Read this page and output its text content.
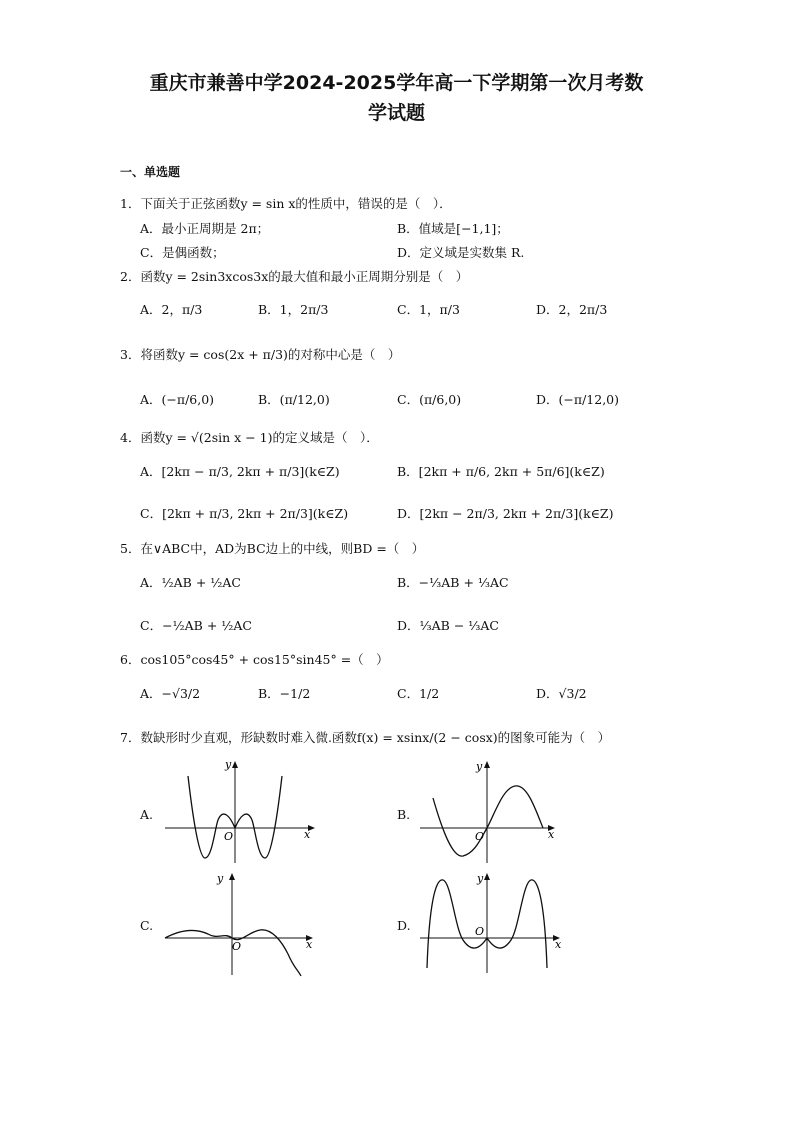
重庆市兼善中学2024-2025学年高一下学期第一次月考数
学试题
一、单选题
1．下面关于正弦函数y = sin x的性质中，错误的是（　）．
A．最小正周期是 2π；	B．值域是[−1,1]；
C．是偶函数；	D．定义域是实数集 R.
2．函数y = 2sin3xcos3x的最大值和最小正周期分别是（　）
A．2，π/3	B．1，2π/3	C．1，π/3	D．2，2π/3
3．将函数y = cos(2x + π/3)的对称中心是（　）
A．(−π/6,0)	B．(π/12,0)	C．(π/6,0)	D．(−π/12,0)
4．函数y = √(2sin x − 1)的定义域是（　）．
A．[2kπ − π/3, 2kπ + π/3](k∈Z)	B．[2kπ + π/6, 2kπ + 5π/6](k∈Z)
C．[2kπ + π/3, 2kπ + 2π/3](k∈Z)	D．[2kπ − 2π/3, 2kπ + 2π/3](k∈Z)
5．在∨ABC中，AD为BC边上的中线，则BD =（　）
A．½AB + ½AC	B．−⅓AB + ⅓AC
C．−½AB + ½AC	D．⅓AB − ⅓AC
6．cos105°cos45° + cos15°sin45° =（　）
A．−√3/2	B．−1/2	C．1/2	D．√3/2
7．数缺形时少直观，形缺数时难入微.函数f(x) = xsinx/(2 − cosx)的图象可能为（　）
A.
O	x
y
B.
O	x
y
C.
O	x
y
D.	O
x
y
